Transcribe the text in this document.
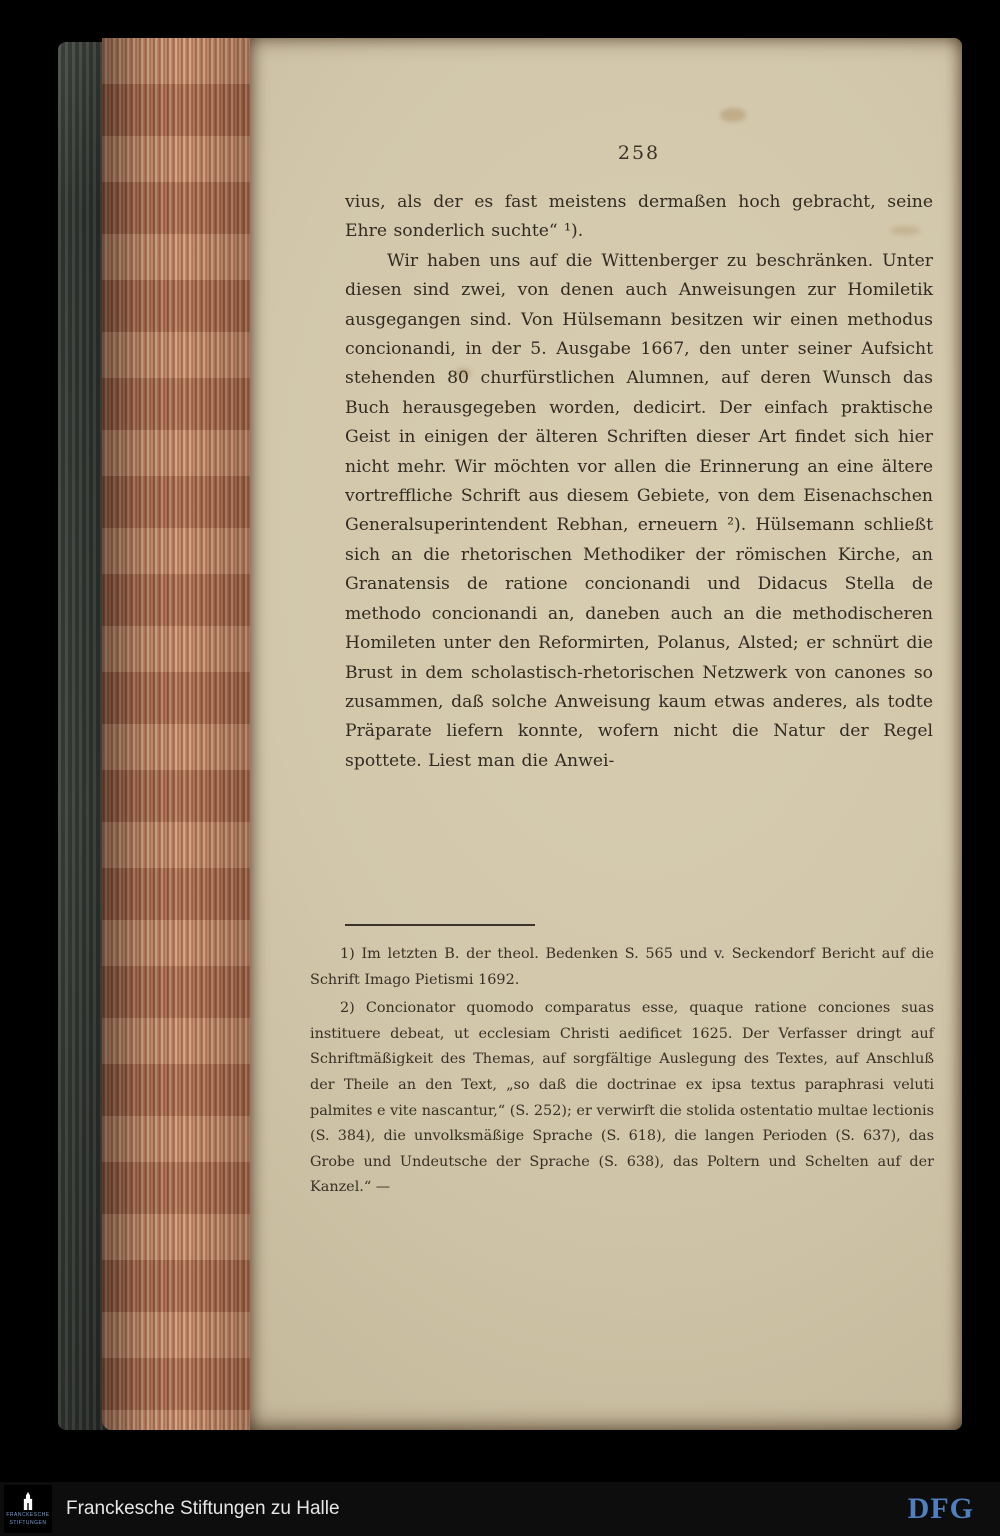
258

vius, als der es fast meistens dermaßen hoch gebracht, seine Ehre sonderlich suchte“ ¹).

Wir haben uns auf die Wittenberger zu beschränken. Unter diesen sind zwei, von denen auch Anweisungen zur Homiletik ausgegangen sind. Von Hülsemann besitzen wir einen methodus concionandi, in der 5. Ausgabe 1667, den unter seiner Aufsicht stehenden 80 churfürstlichen Alumnen, auf deren Wunsch das Buch herausgegeben worden, dedicirt. Der einfach praktische Geist in einigen der älteren Schriften dieser Art findet sich hier nicht mehr. Wir möchten vor allen die Erinnerung an eine ältere vortreffliche Schrift aus diesem Gebiete, von dem Eisenachschen Generalsuperintendent Rebhan, erneuern ²). Hülsemann schließt sich an die rhetorischen Methodiker der römischen Kirche, an Granatensis de ratione concionandi und Didacus Stella de methodo concionandi an, daneben auch an die methodischeren Homileten unter den Reformirten, Polanus, Alsted; er schnürt die Brust in dem scholastisch-rhetorischen Netzwerk von canones so zusammen, daß solche Anweisung kaum etwas anderes, als todte Präparate liefern konnte, wofern nicht die Natur der Regel spottete. Liest man die Anwei-

1) Im letzten B. der theol. Bedenken S. 565 und v. Seckendorf Bericht auf die Schrift Imago Pietismi 1692.

2) Concionator quomodo comparatus esse, quaque ratione conciones suas instituere debeat, ut ecclesiam Christi aedificet 1625. Der Verfasser dringt auf Schriftmäßigkeit des Themas, auf sorgfältige Auslegung des Textes, auf Anschluß der Theile an den Text, „so daß die doctrinae ex ipsa textus paraphrasi veluti palmites e vite nascantur,“ (S. 252); er verwirft die stolida ostentatio multae lectionis (S. 384), die unvolksmäßige Sprache (S. 618), die langen Perioden (S. 637), das Grobe und Undeutsche der Sprache (S. 638), das Poltern und Schelten auf der Kanzel.“ —

FRANCKESCHE
STIFTUNGEN
Franckesche Stiftungen zu Halle	DFG
